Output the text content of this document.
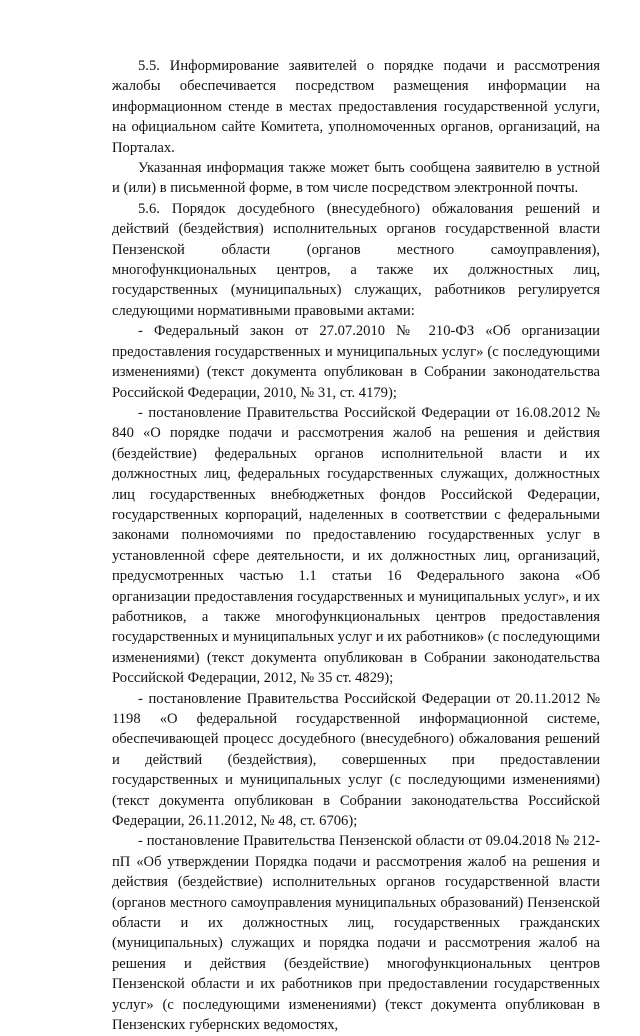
5.5. Информирование заявителей о порядке подачи и рассмотрения жалобы обеспечивается посредством размещения информации на информационном стенде в местах предоставления государственной услуги, на официальном сайте Комитета, уполномоченных органов, организаций, на Порталах.

Указанная информация также может быть сообщена заявителю в устной и (или) в письменной форме, в том числе посредством электронной почты.

5.6. Порядок досудебного (внесудебного) обжалования решений и действий (бездействия) исполнительных органов государственной власти Пензенской области (органов местного самоуправления), многофункциональных центров, а также их должностных лиц, государственных (муниципальных) служащих, работников регулируется следующими нормативными правовыми актами:

- Федеральный закон от 27.07.2010 № 210-ФЗ «Об организации предоставления государственных и муниципальных услуг» (с последующими изменениями) (текст документа опубликован в Собрании законодательства Российской Федерации, 2010, № 31, ст. 4179);

- постановление Правительства Российской Федерации от 16.08.2012 № 840 «О порядке подачи и рассмотрения жалоб на решения и действия (бездействие) федеральных органов исполнительной власти и их должностных лиц, федеральных государственных служащих, должностных лиц государственных внебюджетных фондов Российской Федерации, государственных корпораций, наделенных в соответствии с федеральными законами полномочиями по предоставлению государственных услуг в установленной сфере деятельности, и их должностных лиц, организаций, предусмотренных частью 1.1 статьи 16 Федерального закона «Об организации предоставления государственных и муниципальных услуг», и их работников, а также многофункциональных центров предоставления государственных и муниципальных услуг и их работников» (с последующими изменениями) (текст документа опубликован в Собрании законодательства Российской Федерации, 2012, № 35 ст. 4829);

- постановление Правительства Российской Федерации от 20.11.2012 № 1198 «О федеральной государственной информационной системе, обеспечивающей процесс досудебного (внесудебного) обжалования решений и действий (бездействия), совершенных при предоставлении государственных и муниципальных услуг (с последующими изменениями) (текст документа опубликован в Собрании законодательства Российской Федерации, 26.11.2012, № 48, ст. 6706);

- постановление Правительства Пензенской области от 09.04.2018 № 212-пП «Об утверждении Порядка подачи и рассмотрения жалоб на решения и действия (бездействие) исполнительных органов государственной власти (органов местного самоуправления муниципальных образований) Пензенской области и их должностных лиц, государственных гражданских (муниципальных) служащих и порядка подачи и рассмотрения жалоб на решения и действия (бездействие) многофункциональных центров Пензенской области и их работников при предоставлении государственных услуг» (с последующими изменениями) (текст документа опубликован в Пензенских губернских ведомостях,
